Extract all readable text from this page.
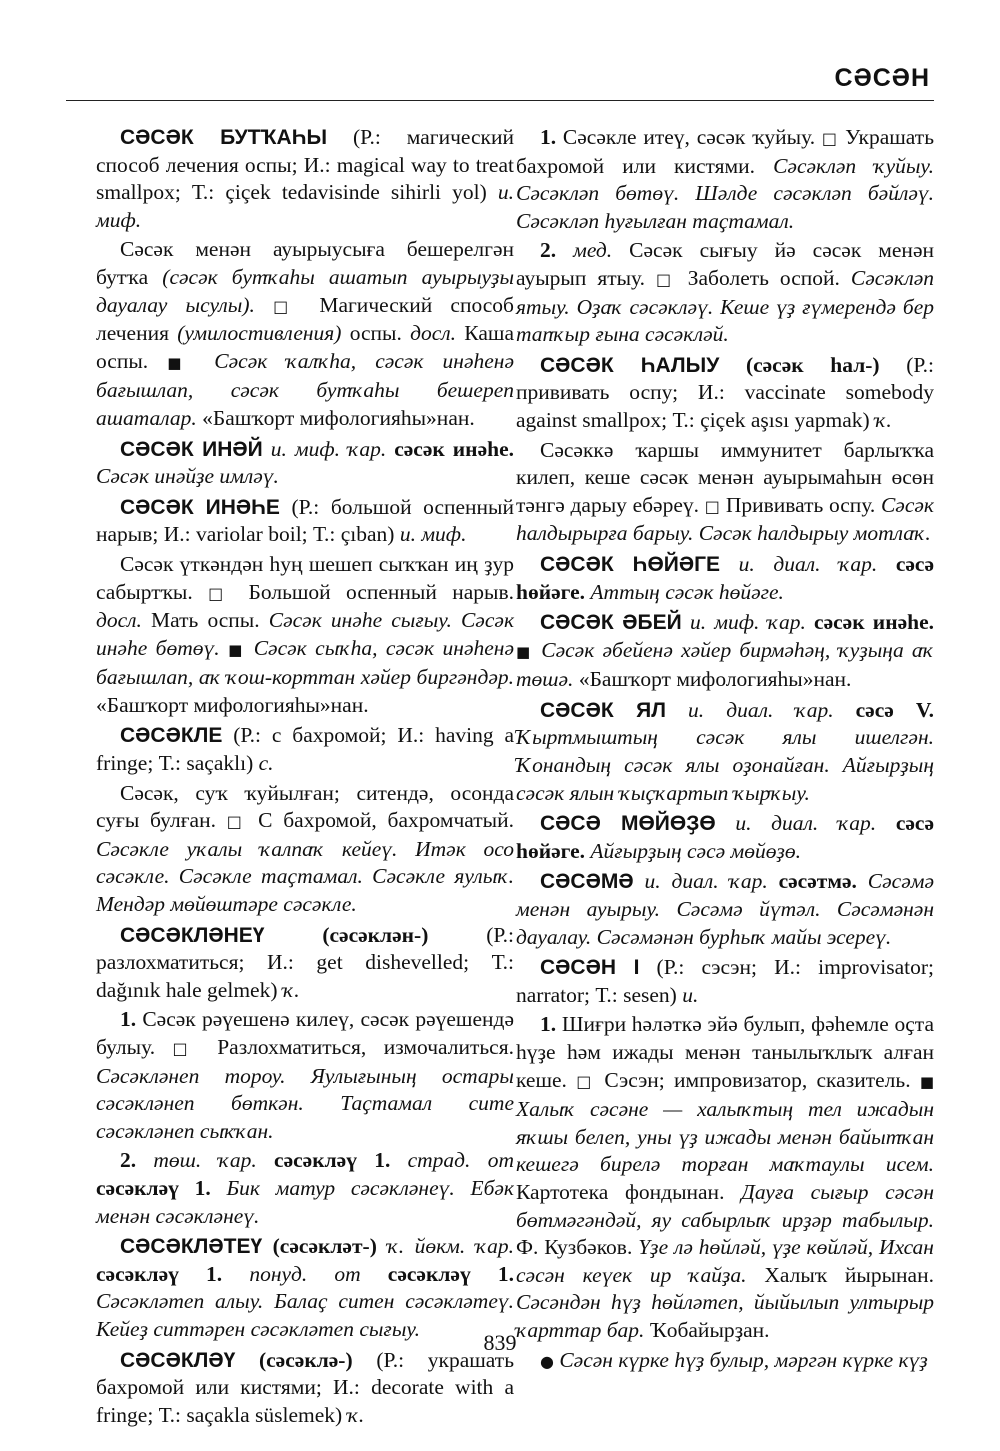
СӘСӘН

СӘСӘК БУТҠАҺЫ (Р.: магический способ лечения оспы; И.: magical way to treat smallpox; Т.: çiçek tedavisinde sihirli yol) и. миф.

Сәсәк менән ауырыусыға бешерелгән бутҡа (сәсәк бутҡаһы ашатып ауырыуҙы дауалау ысулы). □ Магический способ лечения (умилостивления) оспы. досл. Каша оспы. ■ Сәсәк ҡалҡһа, сәсәк инәһенә бағышлап, сәсәк бутҡаһы бешереп ашаталар. «Башҡорт мифологияһы»нан.

СӘСӘК ИНӘЙ и. миф. ҡар. сәсәк инәһе. Сәсәк инәйҙе имләү.

СӘСӘК ИНӘҺЕ (Р.: большой оспенный нарыв; И.: variolar boil; Т.: çıban) и. миф.

Сәсәк үткәндән һуң шешеп сыҡҡан иң ҙур сабыртҡы. □ Большой оспенный нарыв. досл. Мать оспы. Сәсәк инәһе сығыу. Сәсәк инәһе бөтөү. ■ Сәсәк сыҡһа, сәсәк инәһенә бағышлап, аҡ ҡош-корттан хәйер биргәндәр. «Башҡорт мифологияһы»нан.

СӘСӘКЛЕ (Р.: с бахромой; И.: having a fringe; Т.: saçaklı) с.

Сәсәк, суҡ ҡуйылған; ситендә, осонда суғы булған. □ С бахромой, бахромчатый. Сәсәкле уҡалы ҡалпаҡ кейеү. Итәк осо сәсәкле. Сәсәкле таҫтамал. Сәсәкле яулыҡ. Мендәр мөйөштәре сәсәкле.

СӘСӘКЛӘНЕҮ (сәсәклән-) (Р.: разлохматиться; И.: get dishevelled; Т.: dağınık hale gelmek) ҡ.

1. Сәсәк рәүешенә килеү, сәсәк рәүешендә булыу. □ Разлохматиться, измочалиться. Сәсәкләнеп тороу. Яулығының остары сәсәкләнеп бөткән. Таҫтамал сите сәсәкләнеп сыҡҡан.

2. төш. ҡар. сәсәкләү 1. страд. от сәсәкләү 1. Бик матур сәсәкләнеү. Ебәк менән сәсәкләнеү.

СӘСӘКЛӘТЕҮ (сәсәкләт-) ҡ. йөкм. ҡар. сәсәкләү 1. понуд. от сәсәкләү 1. Сәсәкләтеп алыу. Балаҫ ситен сәсәкләтеү. Кейеҙ ситтәрен сәсәкләтеп сығыу.

СӘСӘКЛӘҮ (сәсәклә-) (Р.: украшать бахромой или кистями; И.: decorate with a fringe; Т.: saçakla süslemek) ҡ.

1. Сәсәкле итеү, сәсәк ҡуйыу. □ Украшать бахромой или кистями. Сәсәкләп ҡуйыу. Сәсәкләп бөтөү. Шәлде сәсәкләп бәйләү. Сәсәкләп һуғылған таҫтамал.

2. мед. Сәсәк сығыу йә сәсәк менән ауырып ятыу. □ Заболеть оспой. Сәсәкләп ятыу. Оҙаҡ сәсәкләү. Кеше үҙ ғүмерендә бер тапҡыр ғына сәсәкләй.

СӘСӘК ҺАЛЫУ (сәсәк һал-) (Р.: прививать оспу; И.: vaccinate somebody against smallpox; Т.: çiçek aşısı yapmak) ҡ.

Сәсәккә ҡаршы иммунитет барлыҡҡа килеп, кеше сәсәк менән ауырымаһын өсөн тәнгә дарыу ебәреү. □ Прививать оспу. Сәсәк һалдырырға барыу. Сәсәк һалдырыу мотлаҡ.

СӘСӘК ҺӨЙӘГЕ и. диал. ҡар. сәсә һөйәге. Аттың сәсәк һөйәге.

СӘСӘК ӘБЕЙ и. миф. ҡар. сәсәк инәһе. ■ Сәсәк әбейенә хәйер бирмәһәң, ҡуҙыңа аҡ төшә. «Башҡорт мифологияһы»нан.

СӘСӘК ЯЛ и. диал. ҡар. сәсә V. Ҡыртмыштың сәсәк ялы ишелгән. Ҡонандың сәсәк ялы оҙонайған. Айғырҙың сәсәк ялын ҡыҫҡартып ҡырҡыу.

СӘСӘ МӨЙӨҘӨ и. диал. ҡар. сәсә һөйәге. Айғырҙың сәсә мөйөҙө.

СӘСӘМӘ и. диал. ҡар. сәсәтмә. Сәсәмә менән ауырыу. Сәсәмә йүтәл. Сәсәмәнән дауалау. Сәсәмәнән бурһыҡ майы эсереү.

СӘСӘН I (Р.: сэсэн; И.: improvisator; narrator; Т.: sesen) и.

1. Шиғри һәләткә эйә булып, фәһемле оҫта һүҙе һәм ижады менән танылыҡлыҡ алған кеше. □ Сэсэн; импровизатор, сказитель. ■ Халыҡ сәсәне — халыҡтың тел ижадын яҡшы белеп, уны үҙ ижады менән байытҡан кешегә бирелә торған маҡтаулы исем. Картотека фондынан. Дауға сығыр сәсән бөтмәгәндәй, яу сабырлыҡ ирҙәр табылыр. Ф. Кузбәков. Үҙе лә һөйләй, үҙе көйләй, Ихсан сәсән кеүек ир ҡайҙа. Халыҡ йырынан. Сәсәндән һүҙ һөйләтеп, йыйылып ултырыр ҡарттар бар. Ҡобайырҙан.

● Сәсән күрке һүҙ булыр, мәргән күрке күҙ

839
